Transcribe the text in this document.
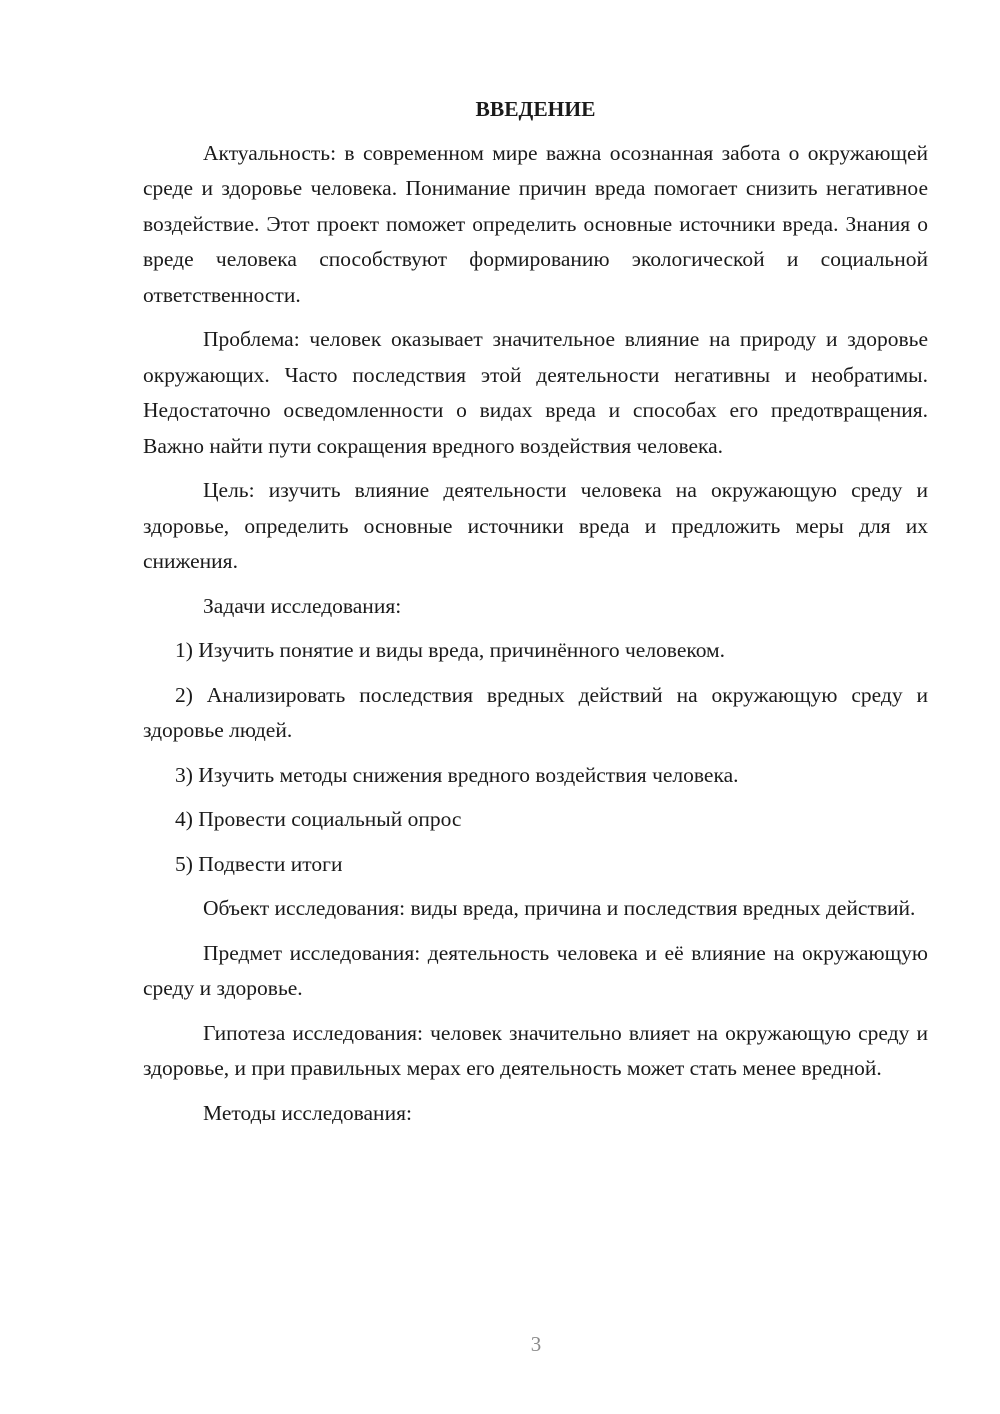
ВВЕДЕНИЕ

Актуальность: в современном мире важна осознанная забота о окружающей среде и здоровье человека. Понимание причин вреда помогает снизить негативное воздействие. Этот проект поможет определить основные источники вреда. Знания о вреде человека способствуют формированию экологической и социальной ответственности.

Проблема: человек оказывает значительное влияние на природу и здоровье окружающих. Часто последствия этой деятельности негативны и необратимы. Недостаточно осведомленности о видах вреда и способах его предотвращения. Важно найти пути сокращения вредного воздействия человека.

Цель: изучить влияние деятельности человека на окружающую среду и здоровье, определить основные источники вреда и предложить меры для их снижения.

Задачи исследования:

1) Изучить понятие и виды вреда, причинённого человеком.

2) Анализировать последствия вредных действий на окружающую среду и здоровье людей.

3) Изучить методы снижения вредного воздействия человека.

4) Провести социальный опрос

5) Подвести итоги

Объект исследования: виды вреда, причина и последствия вредных действий.

Предмет исследования: деятельность человека и её влияние на окружающую среду и здоровье.

Гипотеза исследования: человек значительно влияет на окружающую среду и здоровье, и при правильных мерах его деятельность может стать менее вредной.

Методы исследования:

3
